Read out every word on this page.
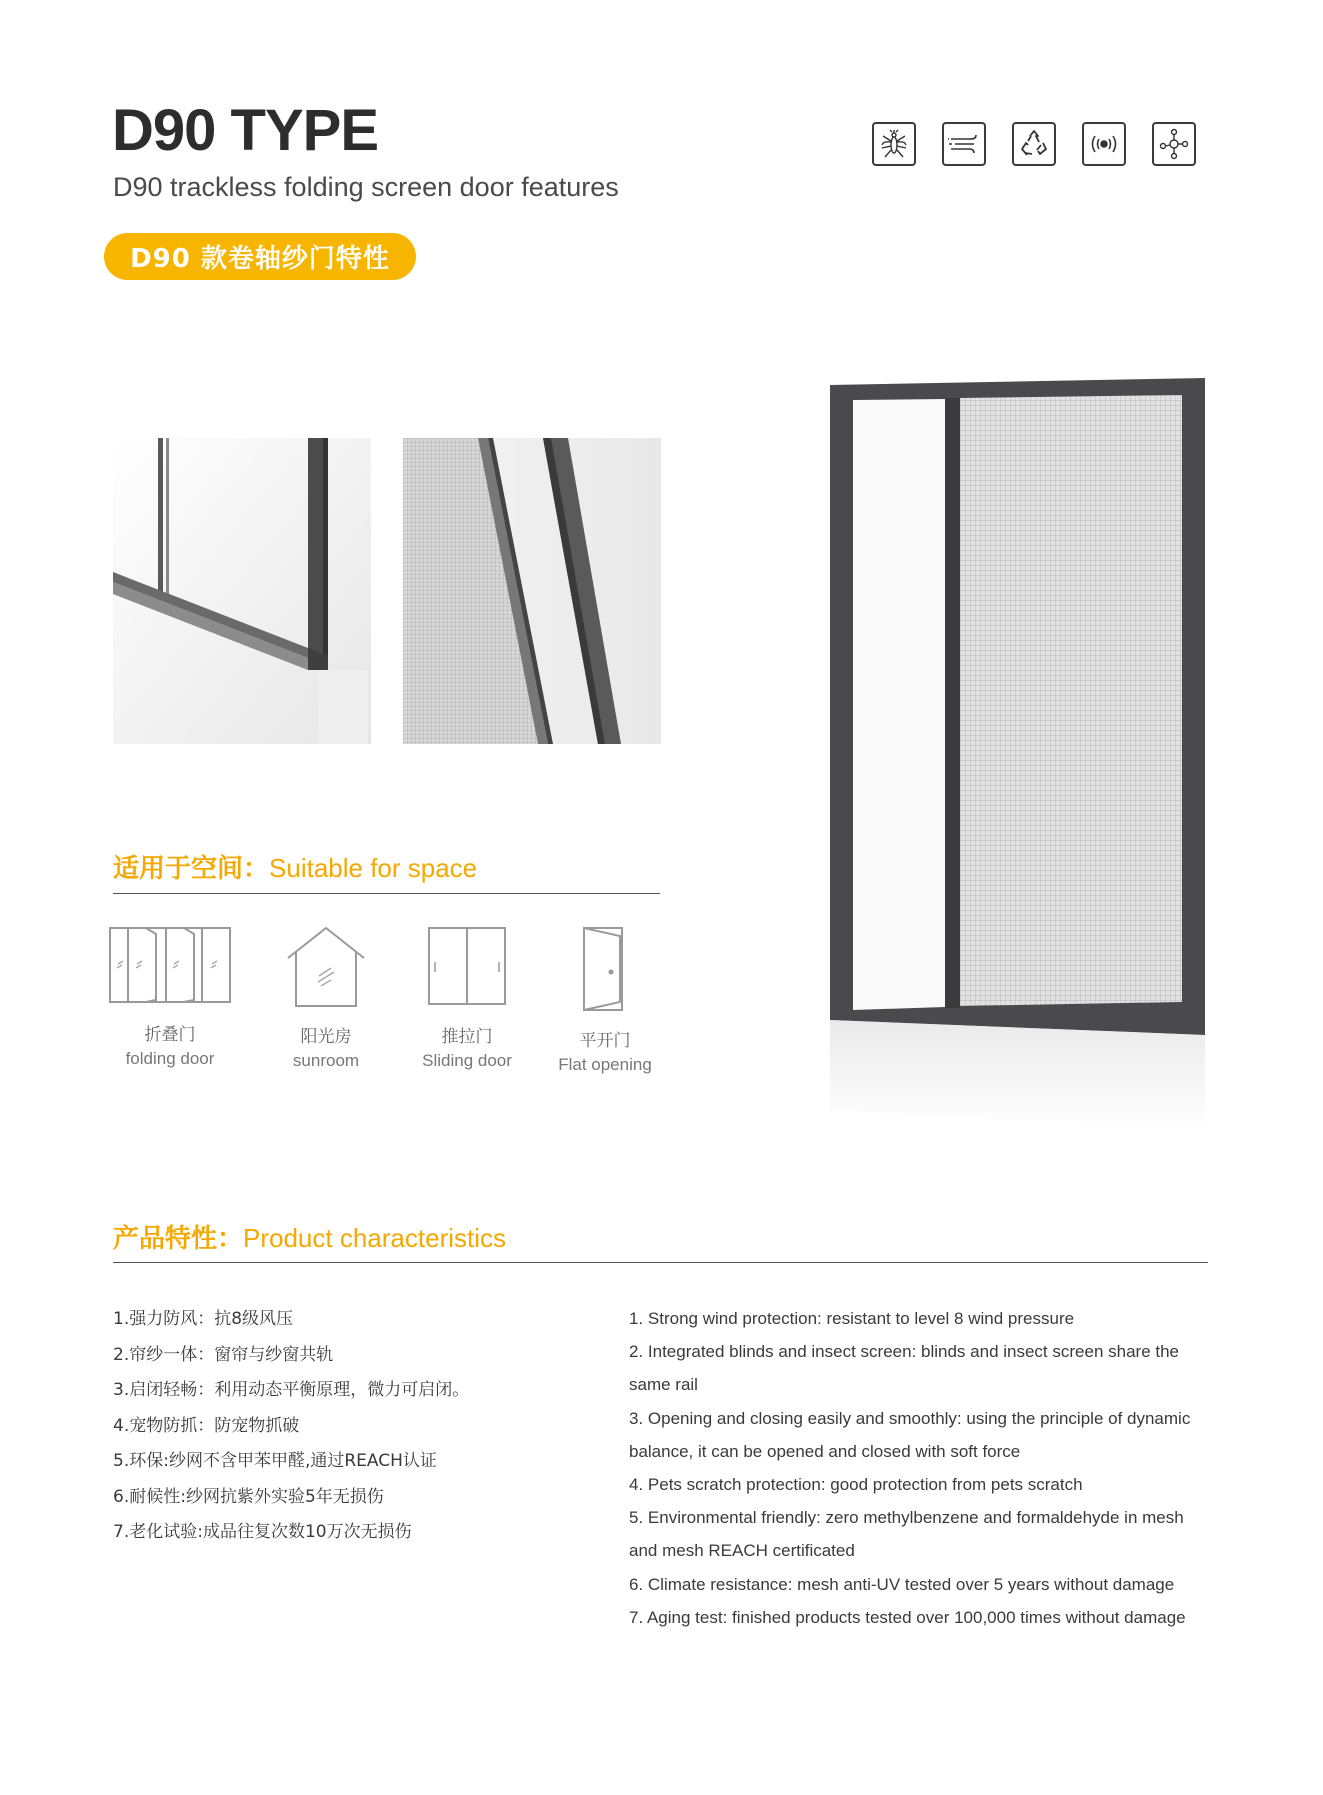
D90 TYPE

D90 trackless folding screen door features

D90 款卷轴纱门特性
适用于空间：Suitable for space
折叠门
folding door
阳光房
sunroom
推拉门
Sliding door
平开门
Flat opening
产品特性：Product characteristics
1.强力防风：抗8级风压
2.帘纱一体：窗帘与纱窗共轨
3.启闭轻畅：利用动态平衡原理，微力可启闭。
4.宠物防抓：防宠物抓破
5.环保:纱网不含甲苯甲醛,通过REACH认证
6.耐候性:纱网抗紫外实验5年无损伤
7.老化试验:成品往复次数10万次无损伤
1. Strong wind protection: resistant to level 8 wind pressure
2. Integrated blinds and insect screen: blinds and insect screen share the same rail
3. Opening and closing easily and smoothly: using the principle of dynamic balance, it can be opened and closed with soft force
4. Pets scratch protection: good protection from pets scratch
5. Environmental friendly: zero methylbenzene and formaldehyde in mesh and mesh REACH certificated
6. Climate resistance: mesh anti-UV tested over 5 years without damage
7. Aging test: finished products tested over 100,000 times without damage
